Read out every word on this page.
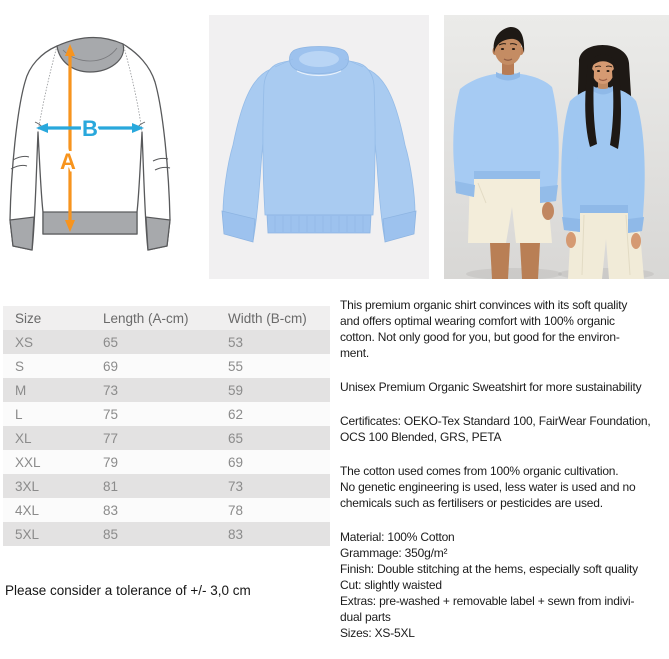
A
B
Size	Length (A-cm)	Width (B-cm)
XS	65	53
S	69	55
M	73	59
L	75	62
XL	77	65
XXL	79	69
3XL	81	73
4XL	83	78
5XL	85	83
Please consider a tolerance of +/- 3,0 cm

This premium organic shirt convinces with its soft quality
and offers optimal wearing comfort with 100% organic
cotton. Not only good for you, but good for the environ-
ment.

Unisex Premium Organic Sweatshirt for more sustainability

Certificates: OEKO-Tex Standard 100, FairWear Foundation,
OCS 100 Blended, GRS, PETA

The cotton used comes from 100% organic cultivation.
No genetic engineering is used, less water is used and no
chemicals such as fertilisers or pesticides are used.

Material: 100% Cotton
Grammage: 350g/m²
Finish: Double stitching at the hems, especially soft quality
Cut: slightly waisted
Extras: pre-washed + removable label + sewn from indivi-
dual parts
Sizes: XS-5XL
